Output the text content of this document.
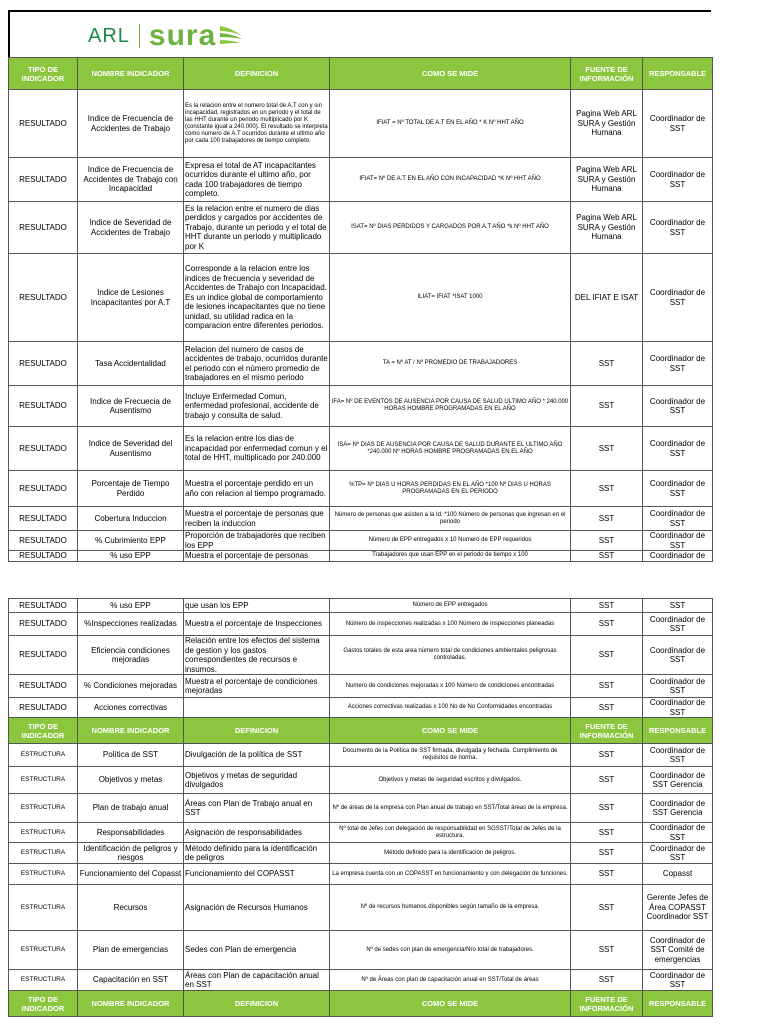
ARL sura
TIPO DE INDICADOR	NOMBRE INDICADOR	DEFINICION	COMO SE MIDE	FUENTE DE INFORMACIÓN	RESPONSABLE
RESULTADO	Indice de Frecuencia de Accidentes de Trabajo	Es la relacion entre el numero total de A.T con y sin incapacidad, registrados en un periodo y el total de las HHT durante un periodo multiplicado por K (constante igual a 240.000). El resultado se interpreta como numero de A.T ocurridos durante el ultimo año por cada 100 trabajadores de tiempo completo.	IFIAT = Nº TOTAL DE A.T EN EL AÑO * K Nº HHT AÑO	Pagina Web ARL SURA y Gestión Humana	Coordinador de SST
RESULTADO	Indice de Frecuencia de Accidentes de Trabajo con Incapacidad	Expresa el total de AT incapacitantes ocurridos durante el ultimo año, por cada 100 trabajadores de tiempo completo.	IFIAT= Nº DE A.T EN EL AÑO CON INCAPACIDAD *K Nº HHT AÑO	Pagina Web ARL SURA y Gestión Humana	Coordinador de SST
RESULTADO	Indice de Severidad de Accidentes de Trabajo	Es la relacion entre el numero de dias perdidos y cargados por accidentes de Trabajo, durante un periodo y el total de HHT durante un periodo y multiplicado por K	ISAT= Nº DIAS PERDIDOS Y CARGADOS POR A.T AÑO *k Nº HHT AÑO	Pagina Web ARL SURA y Gestión Humana	Coordinador de SST
RESULTADO	Indice de Lesiones Incapacitantes por A.T	Corresponde a la relacion entre los indices de frecuencia y severidad de Accidentes de Trabajo con Incapacidad. Es un indice global de comportamiento de lesiones incapacitantes que no tiene unidad, su utilidad radica en la comparacion entre diferentes periodos.	ILIAT= IFIAT *ISAT 1000	DEL IFIAT E ISAT	Coordinador de SST
RESULTADO	Tasa Accidentalidad	Relacion del numero de casos de accidentes de trabajo, ocurridos durante el periodo con el número promedio de trabajadores en el mismo periodo	TA = Nº AT / Nº PROMEDIO DE TRABAJADORES	SST	Coordinador de SST
RESULTADO	Indice de Frecuecia de Ausentismo	Incluye Enfermedad Comun, enfermedad profesional, accidente de trabajo y consulta de salud.	IFA= Nº DE EVENTOS DE AUSENCIA POR CAUSA DE SALUD ULTIMO AÑO * 240.000 HORAS HOMBRE PROGRAMADAS EN EL AÑO	SST	Coordinador de SST
RESULTADO	Indice de Severidad del Ausentismo	Es la relacion entre los dias de incapacidad por enfermedad comun y el total de HHT, multiplicado por 240.000	ISA= Nº DIAS DE AUSENCIA POR CAUSA DE SALUD DURANTE EL ULTIMO AÑO *240.000 Nº HORAS HOMBRE PROGRAMADAS EN EL AÑO	SST	Coordinador de SST
RESULTADO	Porcentaje de Tiempo Perdido	Muestra el porcentaje perdido en un año con relacion al tiempo programado.	%TP= Nº DIAS U HORAS PERDIDAS EN EL AÑO *100 Nº DIAS U HORAS PROGRAMADAS EN EL PERIODO	SST	Coordinador de SST
RESULTADO	Cobertura Induccion	Muestra el porcentaje de personas que reciben la induccion	Número de personas que asisten a la Id. *100 Número de personas que ingresan en el periodo	SST	Coordinador de SST
RESULTADO	% Cubrimiento EPP	Proporción de trabajadores que reciben los EPP	Número de EPP entregados x 10 Numero de EPP requeridos	SST	Coordinador de SST
RESULTADO	% uso EPP	Muestra el porcentaje de personas	Trabajadores que usan EPP en el periodo de tiempo x 100	SST	Coordinador de
RESULTADO	% uso EPP	que usan los EPP	Número de EPP entregados	SST	SST
RESULTADO	%Inspecciones realizadas	Muestra el porcentaje de Inspecciones	Número de inspecciones realizadas x 100 Número de inspecciones planeadas	SST	Coordinador de SST
RESULTADO	Eficiencia condiciones mejoradas	Relación entre los efectos del sistema de gestion y los gastos correspondientes de recursos e insumos.	Gastos totales de esta area número total de condiciones ambientales peligrosas controladas.	SST	Coordinador de SST
RESULTADO	% Condiciones mejoradas	Muestra el porcentaje de condiciones mejoradas	Numero de condiciones mejoradas x 100 Número de condiciones encontradas	SST	Coordinador de SST
RESULTADO	Acciones correctivas		Acciones correctivas realizadas x 100 No de No Conformidades encontradas	SST	Coordinador de SST
TIPO DE INDICADOR	NOMBRE INDICADOR	DEFINICION	COMO SE MIDE	FUENTE DE INFORMACIÓN	RESPONSABLE
ESTRUCTURA	Política de SST	Divulgación de la política de SST	Documento de la Política de SST firmada, divulgada y fechada. Cumplimiento de requisitos de norma.	SST	Coordinador de SST
ESTRUCTURA	Objetivos y metas	Objetivos y metas de seguridad divulgados	Objetivos y metas de seguridad escritos y divulgados.	SST	Coordinador de SST Gerencia
ESTRUCTURA	Plan de trabajo anual	Áreas con Plan de Trabajo anual en SST	Nº de áreas de la empresa con Plan anual de trabajo en SST/Total áreas de la empresa.	SST	Coordinador de SST Gerencia
ESTRUCTURA	Responsabilidades	Asignación de responsabilidades	Nº total de Jefes con delegación de responsabilidad en SGSST/Total de Jefes de la estructura.	SST	Coordinador de SST
ESTRUCTURA	Identificación de peligros y riesgos	Método definido para la identificación de peligros	Método definido para la identificación de peligros.	SST	Coordinador de SST
ESTRUCTURA	Funcionamiento del Copasst	Funcionamiento del COPASST	La empresa cuenta con un COPASST en funcionamiento y con delegación de funciones.	SST	Copasst
ESTRUCTURA	Recursos	Asignación de Recursos Humanos	Nº de recursos humanos disponibles según tamaño de la empresa.	SST	Gerente Jefes de Área COPASST Coordinador SST
ESTRUCTURA	Plan de emergencias	Sedes con Plan de emergencia	Nº de sedes con plan de emergencia/Nro total de trabajadores.	SST	Coordinador de SST Comité de emergencias
ESTRUCTURA	Capacitación en SST	Áreas con Plan de capacitación anual en SST	Nº de Áreas con plan de capacitación anual en SST/Total de áreas	SST	Coordinador de SST
TIPO DE INDICADOR	NOMBRE INDICADOR	DEFINICION	COMO SE MIDE	FUENTE DE INFORMACIÓN	RESPONSABLE
